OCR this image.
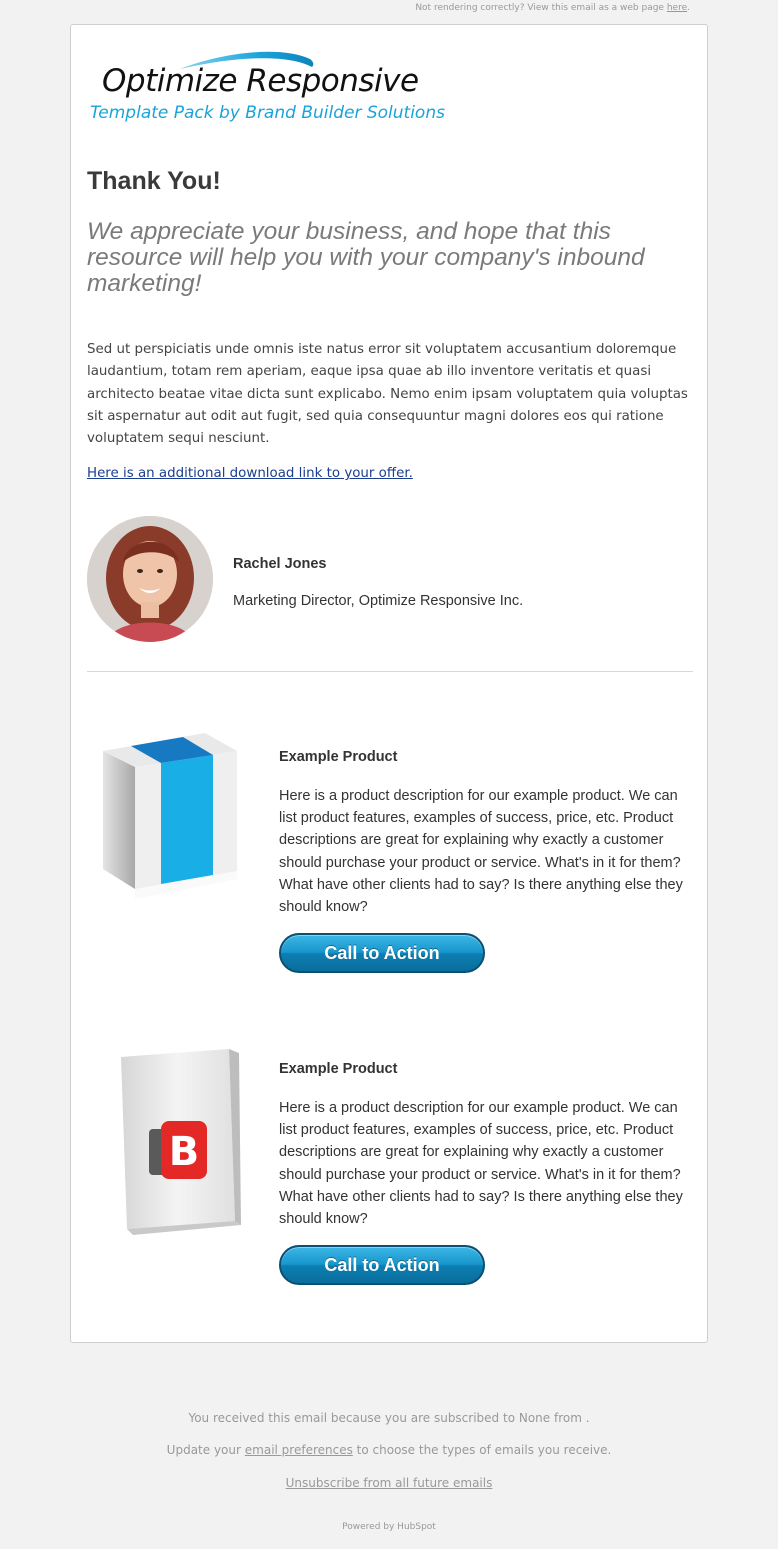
Not rendering correctly? View this email as a web page here.
Optimize Responsive
Template Pack by Brand Builder Solutions
Thank You!
We appreciate your business, and hope that this resource will help you with your company's inbound marketing!
Sed ut perspiciatis unde omnis iste natus error sit voluptatem accusantium doloremque laudantium, totam rem aperiam, eaque ipsa quae ab illo inventore veritatis et quasi architecto beatae vitae dicta sunt explicabo. Nemo enim ipsam voluptatem quia voluptas sit aspernatur aut odit aut fugit, sed quia consequuntur magni dolores eos qui ratione voluptatem sequi nesciunt.
Here is an additional download link to your offer.
Rachel Jones
Marketing Director, Optimize Responsive Inc.
Example Product
Here is a product description for our example product. We can list product features, examples of success, price, etc. Product descriptions are great for explaining why exactly a customer should purchase your product or service. What's in it for them? What have other clients had to say? Is there anything else they should know?
Call to Action
B
Example Product
Here is a product description for our example product. We can list product features, examples of success, price, etc. Product descriptions are great for explaining why exactly a customer should purchase your product or service. What's in it for them? What have other clients had to say? Is there anything else they should know?
Call to Action
You received this email because you are subscribed to None from .
Update your email preferences to choose the types of emails you receive.
Unsubscribe from all future emails
Powered by HubSpot
